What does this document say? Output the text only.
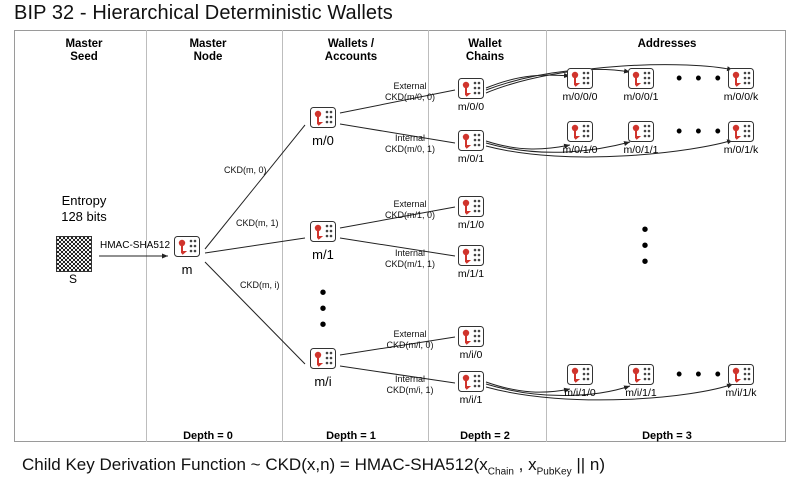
BIP 32 - Hierarchical Deterministic Wallets
Master
Seed
Master
Node
Wallets /
Accounts
Wallet
Chains
Addresses
Depth = 0	Depth = 1	Depth = 2	Depth = 3
Entropy
128 bits
S
HMAC-SHA512
m
m/0
m/1
m/i
CKD(m, 0)
CKD(m, 1)
CKD(m, i)	•
•
•
m/0/0
External
CKD(m/0, 0)
m/0/1
Internal
CKD(m/0, 1)
m/1/0
External
CKD(m/1, 0)
m/1/1
Internal
CKD(m/1, 1)
m/i/0
External
CKD(m/i, 0)
m/i/1
Internal
CKD(m/i, 1)
m/0/0/0	m/0/0/1
• • •
m/0/0/k
m/0/1/0	m/0/1/1
• • •
m/0/1/k
•
•
•
m/i/1/0	m/i/1/1
• • •
m/i/1/k
Child Key Derivation Function ~ CKD(x,n) = HMAC-$SHA512(x_{Chain}$ , $x_{PubKey}$ || n)
